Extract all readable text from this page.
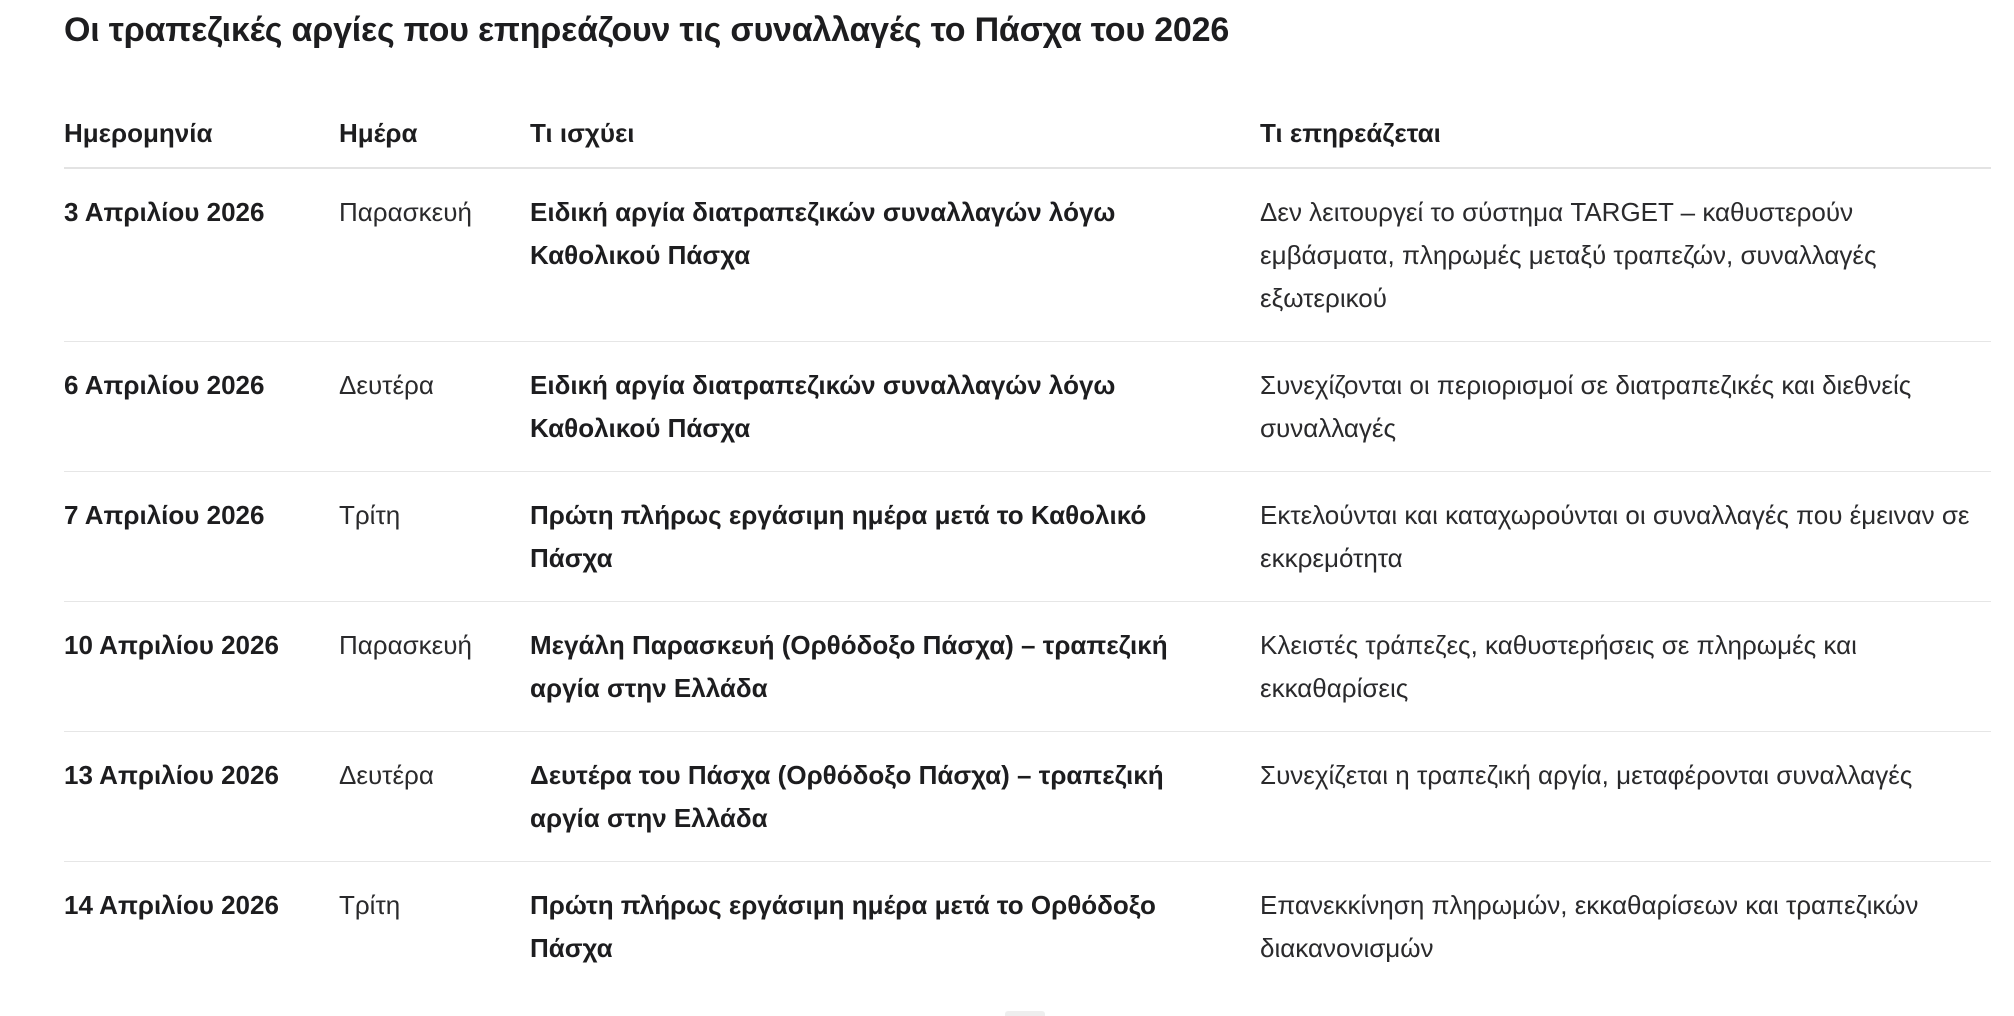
Οι τραπεζικές αργίες που επηρεάζουν τις συναλλαγές το Πάσχα του 2026
Ημερομηνία	Ημέρα	Τι ισχύει	Τι επηρεάζεται
3 Απριλίου 2026	Παρασκευή	Ειδική αργία διατραπεζικών συναλλαγών λόγω Καθολικού Πάσχα	Δεν λειτουργεί το σύστημα TARGET – καθυστερούν εμβάσματα, πληρωμές μεταξύ τραπεζών, συναλλαγές εξωτερικού
6 Απριλίου 2026	Δευτέρα	Ειδική αργία διατραπεζικών συναλλαγών λόγω Καθολικού Πάσχα	Συνεχίζονται οι περιορισμοί σε διατραπεζικές και διεθνείς συναλλαγές
7 Απριλίου 2026	Τρίτη	Πρώτη πλήρως εργάσιμη ημέρα μετά το Καθολικό Πάσχα	Εκτελούνται και καταχωρούνται οι συναλλαγές που έμειναν σε εκκρεμότητα
10 Απριλίου 2026	Παρασκευή	Μεγάλη Παρασκευή (Ορθόδοξο Πάσχα) – τραπεζική αργία στην Ελλάδα	Κλειστές τράπεζες, καθυστερήσεις σε πληρωμές και εκκαθαρίσεις
13 Απριλίου 2026	Δευτέρα	Δευτέρα του Πάσχα (Ορθόδοξο Πάσχα) – τραπεζική αργία στην Ελλάδα	Συνεχίζεται η τραπεζική αργία, μεταφέρονται συναλλαγές
14 Απριλίου 2026	Τρίτη	Πρώτη πλήρως εργάσιμη ημέρα μετά το Ορθόδοξο Πάσχα	Επανεκκίνηση πληρωμών, εκκαθαρίσεων και τραπεζικών διακανονισμών
